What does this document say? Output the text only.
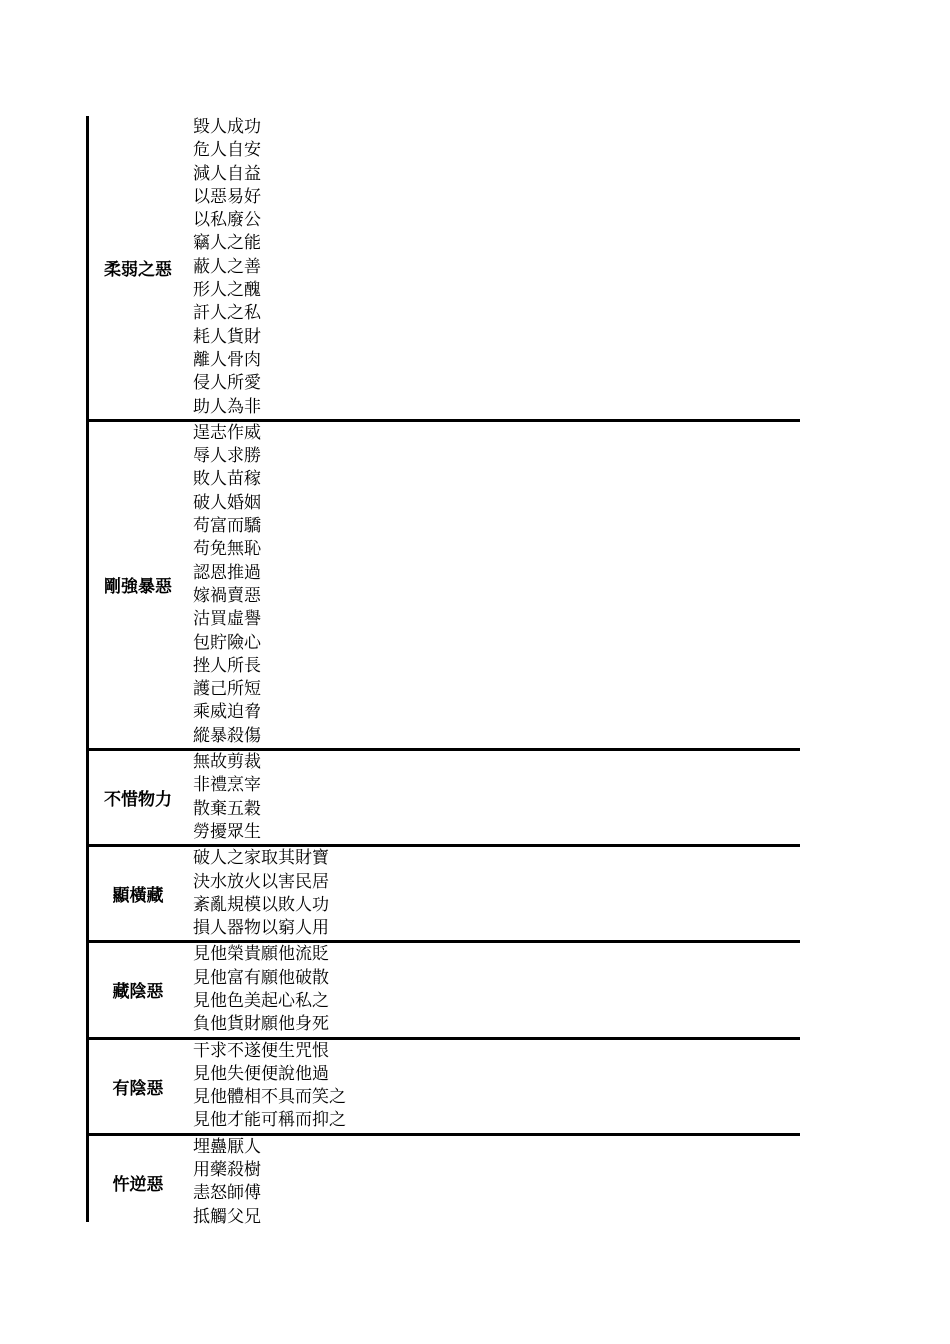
柔弱之惡
毀人成功
危人自安
減人自益
以惡易好
以私廢公
竊人之能
蔽人之善
形人之醜
訐人之私
耗人貨財
離人骨肉
侵人所愛
助人為非
剛強暴惡
逞志作威
辱人求勝
敗人苗稼
破人婚姻
苟富而驕
苟免無恥
認恩推過
嫁禍賣惡
沽買虛譽
包貯險心
挫人所長
護己所短
乘威迫脅
縱暴殺傷
不惜物力
無故剪裁
非禮烹宰
散棄五穀
勞擾眾生
顯橫藏
破人之家取其財寶
決水放火以害民居
紊亂規模以敗人功
損人器物以窮人用
藏陰惡
見他榮貴願他流貶
見他富有願他破散
見他色美起心私之
負他貨財願他身死
有陰惡
干求不遂便生咒恨
見他失便便說他過
見他體相不具而笑之
見他才能可稱而抑之
忤逆惡
埋蠱厭人
用藥殺樹
恚怒師傅
抵觸父兄
